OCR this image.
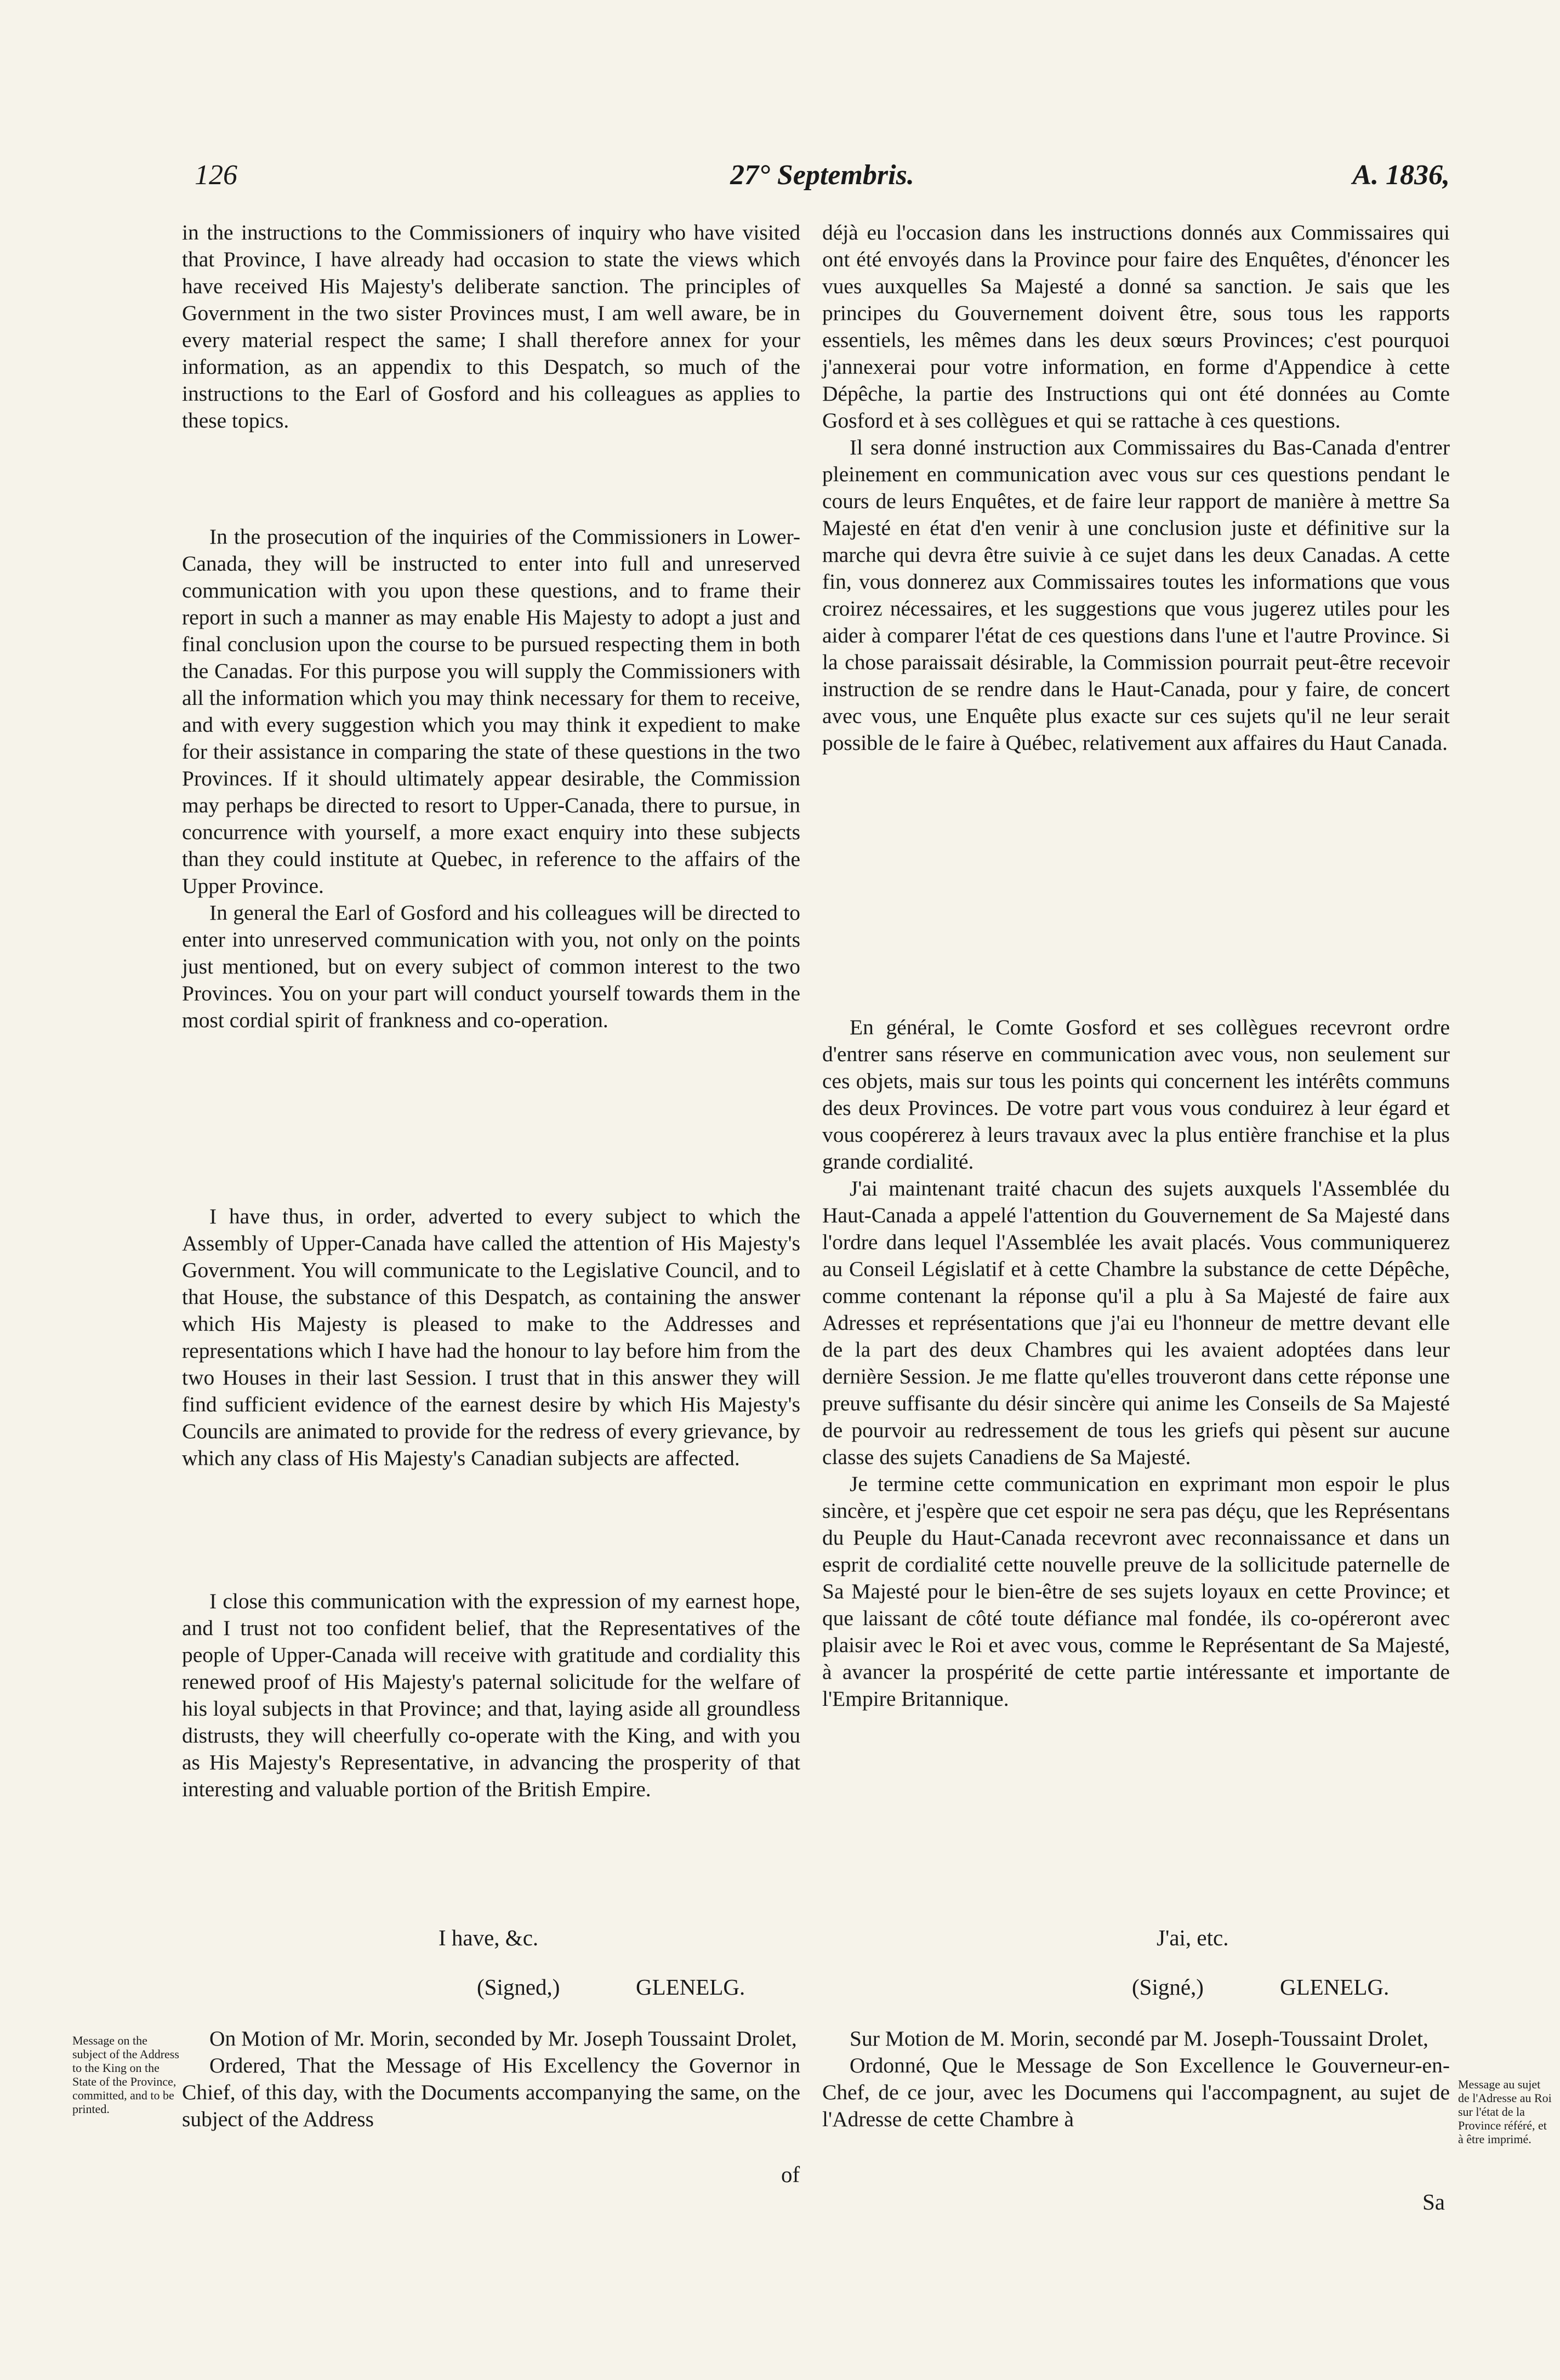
126	27° Septembris.	A. 1836,

in the instructions to the Commissioners of inquiry who have visited that Province, I have already had occasion to state the views which have received His Majesty's deliberate sanction. The principles of Government in the two sister Provinces must, I am well aware, be in every material respect the same; I shall therefore annex for your information, as an appendix to this Despatch, so much of the instructions to the Earl of Gosford and his colleagues as applies to these topics.

In the prosecution of the inquiries of the Commissioners in Lower-Canada, they will be instructed to enter into full and unreserved communication with you upon these questions, and to frame their report in such a manner as may enable His Majesty to adopt a just and final conclusion upon the course to be pursued respecting them in both the Canadas. For this purpose you will supply the Commissioners with all the information which you may think necessary for them to receive, and with every suggestion which you may think it expedient to make for their assistance in comparing the state of these questions in the two Provinces. If it should ultimately appear desirable, the Commission may perhaps be directed to resort to Upper-Canada, there to pursue, in concurrence with yourself, a more exact enquiry into these subjects than they could institute at Quebec, in reference to the affairs of the Upper Province.

In general the Earl of Gosford and his colleagues will be directed to enter into unreserved communication with you, not only on the points just mentioned, but on every subject of common interest to the two Provinces. You on your part will conduct yourself towards them in the most cordial spirit of frankness and co-operation.

I have thus, in order, adverted to every subject to which the Assembly of Upper-Canada have called the attention of His Majesty's Government. You will communicate to the Legislative Council, and to that House, the substance of this Despatch, as containing the answer which His Majesty is pleased to make to the Addresses and representations which I have had the honour to lay before him from the two Houses in their last Session. I trust that in this answer they will find sufficient evidence of the earnest desire by which His Majesty's Councils are animated to provide for the redress of every grievance, by which any class of His Majesty's Canadian subjects are affected.

I close this communication with the expression of my earnest hope, and I trust not too confident belief, that the Representatives of the people of Upper-Canada will receive with gratitude and cordiality this renewed proof of His Majesty's paternal solicitude for the welfare of his loyal subjects in that Province; and that, laying aside all groundless distrusts, they will cheerfully co-operate with the King, and with you as His Majesty's Representative, in advancing the prosperity of that interesting and valuable portion of the British Empire.

déjà eu l'occasion dans les instructions donnés aux Commissaires qui ont été envoyés dans la Province pour faire des Enquêtes, d'énoncer les vues auxquelles Sa Majesté a donné sa sanction. Je sais que les principes du Gouvernement doivent être, sous tous les rapports essentiels, les mêmes dans les deux sœurs Provinces; c'est pourquoi j'annexerai pour votre information, en forme d'Appendice à cette Dépêche, la partie des Instructions qui ont été données au Comte Gosford et à ses collègues et qui se rattache à ces questions.

Il sera donné instruction aux Commissaires du Bas-Canada d'entrer pleinement en communication avec vous sur ces questions pendant le cours de leurs Enquêtes, et de faire leur rapport de manière à mettre Sa Majesté en état d'en venir à une conclusion juste et définitive sur la marche qui devra être suivie à ce sujet dans les deux Canadas. A cette fin, vous donnerez aux Commissaires toutes les informations que vous croirez nécessaires, et les suggestions que vous jugerez utiles pour les aider à comparer l'état de ces questions dans l'une et l'autre Province. Si la chose paraissait désirable, la Commission pourrait peut-être recevoir instruction de se rendre dans le Haut-Canada, pour y faire, de concert avec vous, une Enquête plus exacte sur ces sujets qu'il ne leur serait possible de le faire à Québec, relativement aux affaires du Haut Canada.

En général, le Comte Gosford et ses collègues recevront ordre d'entrer sans réserve en communication avec vous, non seulement sur ces objets, mais sur tous les points qui concernent les intérêts communs des deux Provinces. De votre part vous vous conduirez à leur égard et vous coopérerez à leurs travaux avec la plus entière franchise et la plus grande cordialité.

J'ai maintenant traité chacun des sujets auxquels l'Assemblée du Haut-Canada a appelé l'attention du Gouvernement de Sa Majesté dans l'ordre dans lequel l'Assemblée les avait placés. Vous communiquerez au Conseil Législatif et à cette Chambre la substance de cette Dépêche, comme contenant la réponse qu'il a plu à Sa Majesté de faire aux Adresses et représentations que j'ai eu l'honneur de mettre devant elle de la part des deux Chambres qui les avaient adoptées dans leur dernière Session. Je me flatte qu'elles trouveront dans cette réponse une preuve suffisante du désir sincère qui anime les Conseils de Sa Majesté de pourvoir au redressement de tous les griefs qui pèsent sur aucune classe des sujets Canadiens de Sa Majesté.

Je termine cette communication en exprimant mon espoir le plus sincère, et j'espère que cet espoir ne sera pas déçu, que les Représentans du Peuple du Haut-Canada recevront avec reconnaissance et dans un esprit de cordialité cette nouvelle preuve de la sollicitude paternelle de Sa Majesté pour le bien-être de ses sujets loyaux en cette Province; et que laissant de côté toute défiance mal fondée, ils co-opéreront avec plaisir avec le Roi et avec vous, comme le Représentant de Sa Majesté, à avancer la prospérité de cette partie intéressante et importante de l'Empire Britannique.

I have, &c.	J'ai, etc.
(Signed,)	GLENELG.	(Signé,)	GLENELG.

On Motion of Mr. Morin, seconded by Mr. Joseph Toussaint Drolet,

Ordered, That the Message of His Excellency the Governor in Chief, of this day, with the Documents accompanying the same, on the subject of the Address

Sur Motion de M. Morin, secondé par M. Joseph-Toussaint Drolet,

Ordonné, Que le Message de Son Excellence le Gouverneur-en-Chef, de ce jour, avec les Documens qui l'accompagnent, au sujet de l'Adresse de cette Chambre à

of
Sa
Message on the subject of the Address to the King on the State of the Province, committed, and to be printed.
Message au sujet de l'Adresse au Roi sur l'état de la Province référé, et à être imprimé.
